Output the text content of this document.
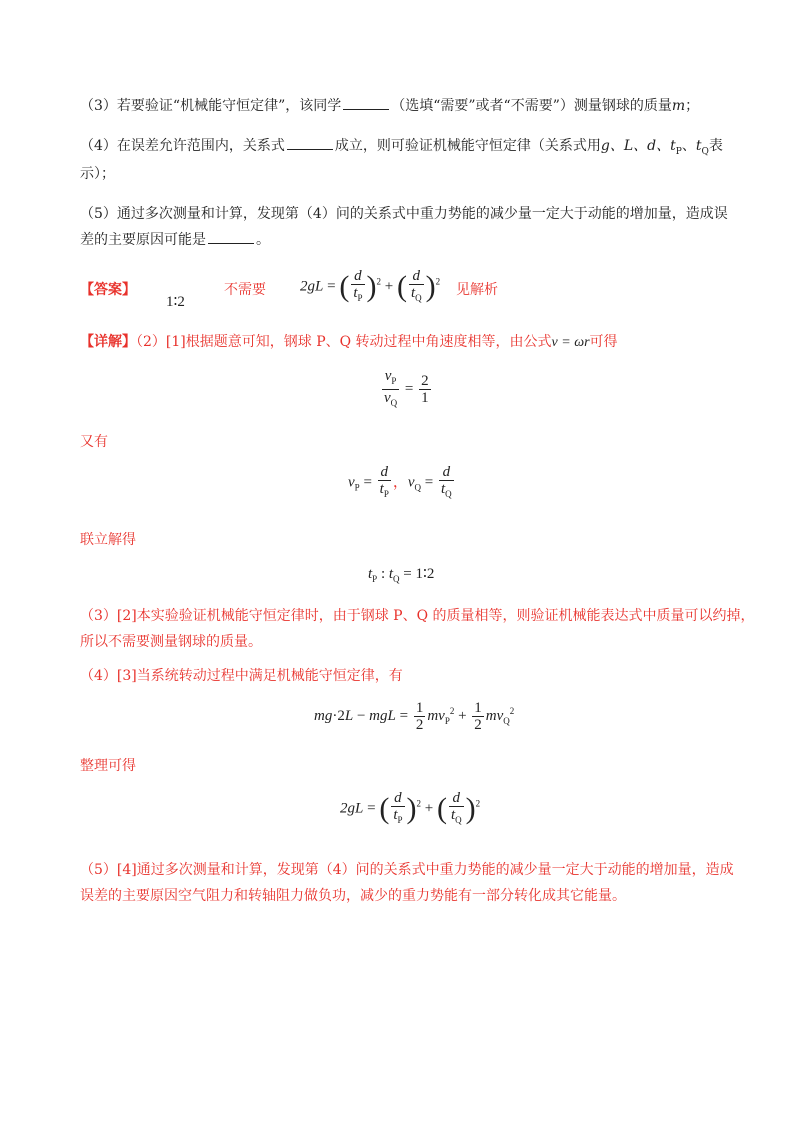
（3）若要验证“机械能守恒定律”，该同学	（选填“需要”或者“不需要”）测量钢球的质量m；
（4）在误差允许范围内，关系式	成立，则可验证机械能守恒定律（关系式用g、L、d、$t_P$、$t_Q$表
示）；
（5）通过多次测量和计算，发现第（4）问的关系式中重力势能的减少量一定大于动能的增加量，造成误
差的主要原因可能是	。
【答案】
1∶2
不需要 2gL = ( $\frac{d}{t_P} )^2$ + ( $\frac{d}{t_Q} )^2$
见解析
【详解】（2）[1]根据题意可知，钢球 P、Q 转动过程中角速度相等，由公式v = ωr可得
$\frac{v_P}{v_Q} = \frac{2}{1}$
又有
$v_P = \frac{d}{t_P}$ ，$v_Q = \frac{d}{t_Q}$
联立解得
$t_P$ : $t_Q$ = 1∶2
（3）[2]本实验验证机械能守恒定律时，由于钢球 P、Q 的质量相等，则验证机械能表达式中质量可以约掉，
所以不需要测量钢球的质量。
（4）[3]当系统转动过程中满足机械能守恒定律，有
mg·2L − mgL = $\frac{1}{2} mv_P^2 + \frac{1}{2} mv_Q^2$
整理可得
2gL = ( $\frac{d}{t_P} )^2$ + ( $\frac{d}{t_Q} )^2$
（5）[4]通过多次测量和计算，发现第（4）问的关系式中重力势能的减少量一定大于动能的增加量，造成
误差的主要原因空气阻力和转轴阻力做负功，减少的重力势能有一部分转化成其它能量。
